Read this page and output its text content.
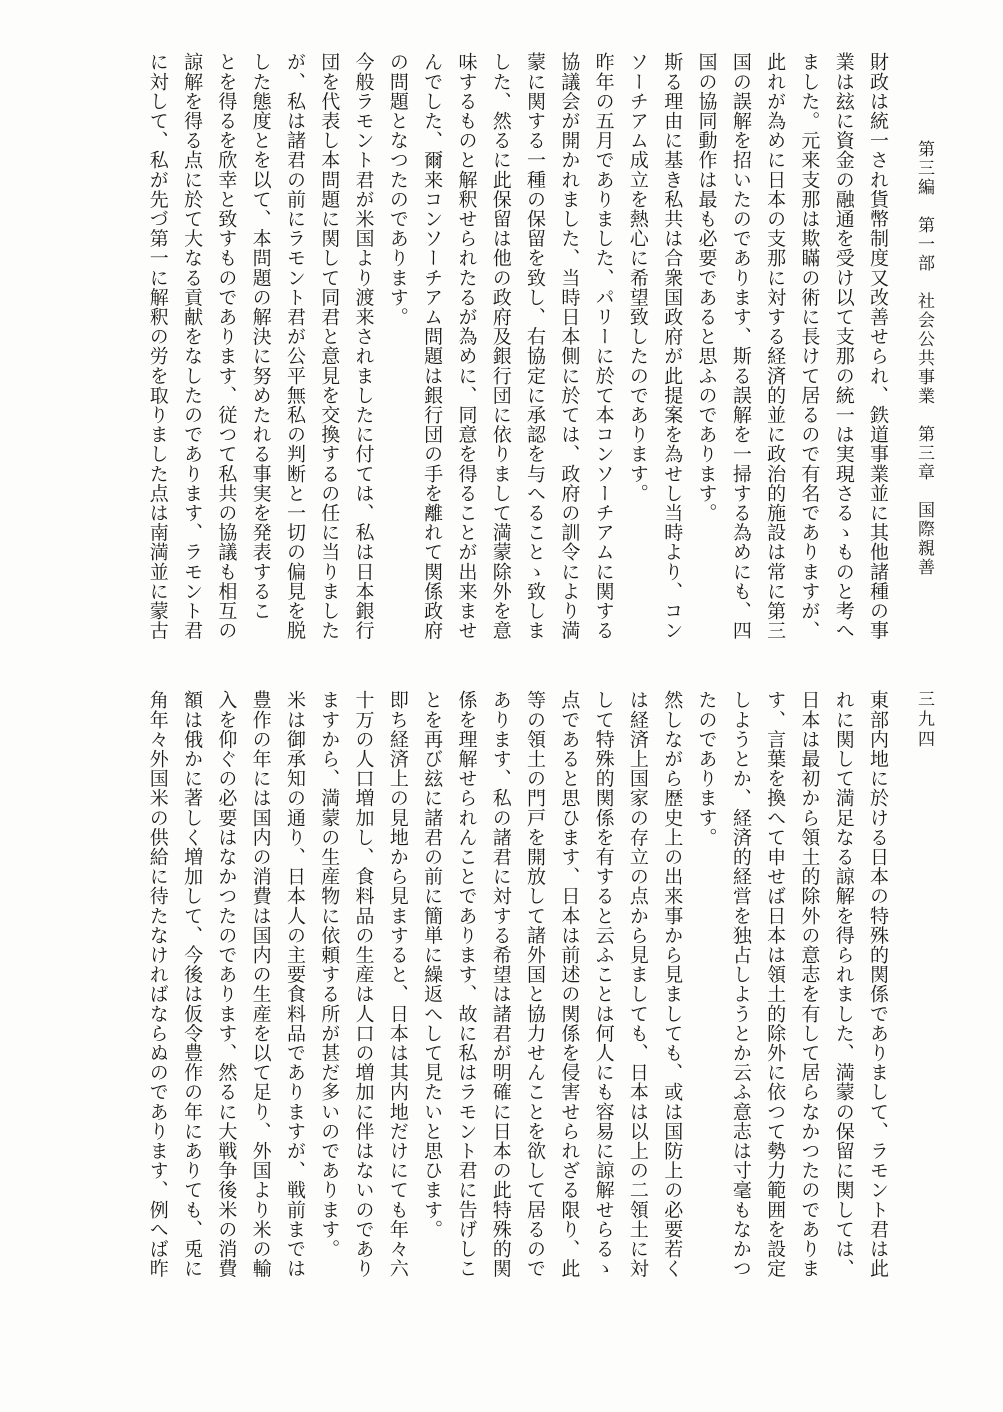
第三編　第一部　社会公共事業　第三章　国際親善
三九四
財政は統一され貨幣制度又改善せられ、鉄道事業並に其他諸種の事
業は玆に資金の融通を受け以て支那の統一は実現さるゝものと考へ
ました。元来支那は欺瞞の術に長けて居るので有名でありますが、
此れが為めに日本の支那に対する経済的並に政治的施設は常に第三
国の誤解を招いたのであります、斯る誤解を一掃する為めにも、四
国の協同動作は最も必要であると思ふのであります。
斯る理由に基き私共は合衆国政府が此提案を為せし当時より、コン
ソーチアム成立を熱心に希望致したのであります。
昨年の五月でありました、パリーに於て本コンソーチアムに関する
協議会が開かれました、当時日本側に於ては、政府の訓令により満
蒙に関する一種の保留を致し、右協定に承認を与へることゝ致しま
した、然るに此保留は他の政府及銀行団に依りまして満蒙除外を意
味するものと解釈せられたるが為めに、同意を得ることが出来ませ
んでした、爾来コンソーチアム問題は銀行団の手を離れて関係政府
の問題となつたのであります。
今般ラモント君が米国より渡来されましたに付ては、私は日本銀行
団を代表し本問題に関して同君と意見を交換するの任に当りました
が、私は諸君の前にラモント君が公平無私の判断と一切の偏見を脱
した態度とを以て、本問題の解決に努めたれる事実を発表するこ
とを得るを欣幸と致すものであります、従つて私共の協議も相互の
諒解を得る点に於て大なる貢献をなしたのであります、ラモント君
に対して、私が先づ第一に解釈の労を取りました点は南満並に蒙古
東部内地に於ける日本の特殊的関係でありまして、ラモント君は此
れに関して満足なる諒解を得られました、満蒙の保留に関しては、
日本は最初から領土的除外の意志を有して居らなかつたのでありま
す、言葉を換へて申せば日本は領土的除外に依つて勢力範囲を設定
しようとか、経済的経営を独占しようとか云ふ意志は寸毫もなかつ
たのであります。
然しながら歴史上の出来事から見ましても、或は国防上の必要若く
は経済上国家の存立の点から見ましても、日本は以上の二領土に対
して特殊的関係を有すると云ふことは何人にも容易に諒解せらるゝ
点であると思ひます、日本は前述の関係を侵害せられざる限り、此
等の領土の門戸を開放して諸外国と協力せんことを欲して居るので
あります、私の諸君に対する希望は諸君が明確に日本の此特殊的関
係を理解せられんことであります、故に私はラモント君に告げしこ
とを再び玆に諸君の前に簡単に繰返へして見たいと思ひます。
即ち経済上の見地から見ますると、日本は其内地だけにても年々六
十万の人口増加し、食料品の生産は人口の増加に伴はないのであり
ますから、満蒙の生産物に依頼する所が甚だ多いのであります。
米は御承知の通り、日本人の主要食料品でありますが、戦前までは
豊作の年には国内の消費は国内の生産を以て足り、外国より米の輸
入を仰ぐの必要はなかつたのであります、然るに大戦争後米の消費
額は俄かに著しく増加して、今後は仮令豊作の年にありても、兎に
角年々外国米の供給に待たなければならぬのであります、例へば昨
